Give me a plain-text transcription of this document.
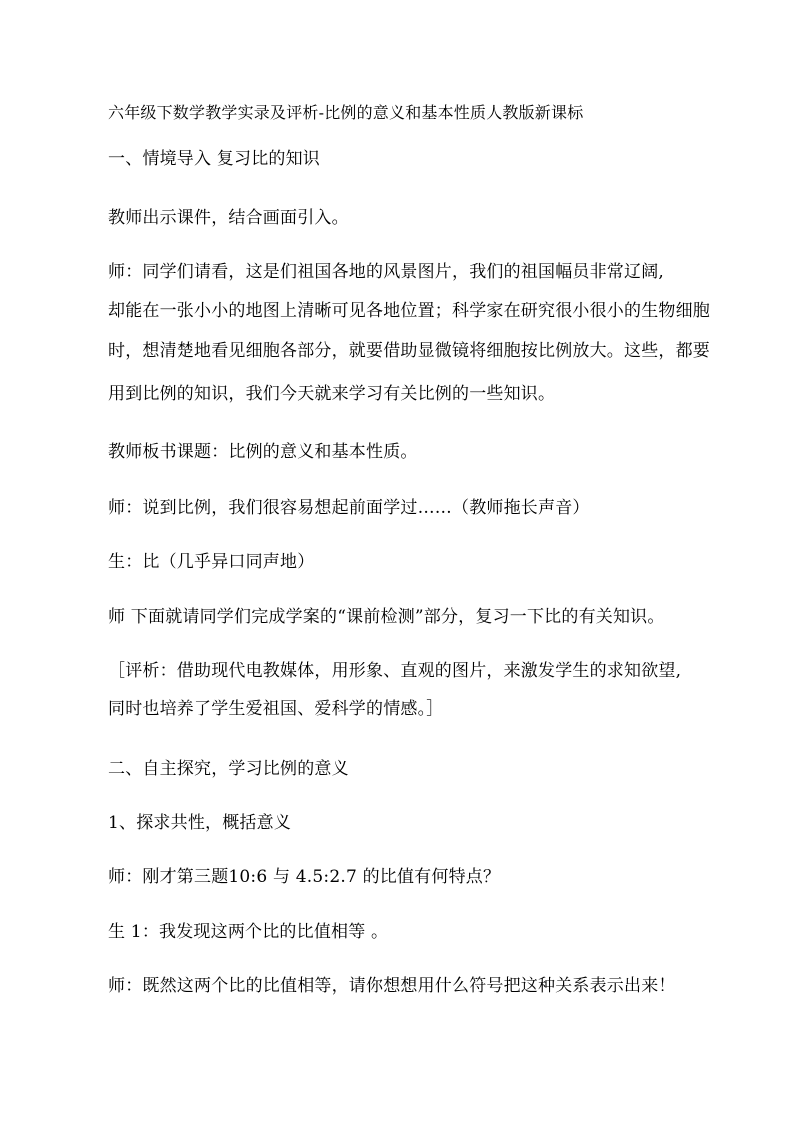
六年级下数学教学实录及评析-比例的意义和基本性质人教版新课标
一、情境导入 复习比的知识
教师出示课件，结合画面引入。
师：同学们请看，这是们祖国各地的风景图片，我们的祖国幅员非常辽阔,
却能在一张小小的地图上清晰可见各地位置；科学家在研究很小很小的生物细胞
时，想清楚地看见细胞各部分，就要借助显微镜将细胞按比例放大。这些，都要
用到比例的知识，我们今天就来学习有关比例的一些知识。
教师板书课题：比例的意义和基本性质。
师：说到比例，我们很容易想起前面学过……（教师拖长声音）
生：比（几乎异口同声地）
师 下面就请同学们完成学案的“课前检测”部分，复习一下比的有关知识。
［评析：借助现代电教媒体，用形象、直观的图片，来激发学生的求知欲望,
同时也培养了学生爱祖国、爱科学的情感。］
二、自主探究，学习比例的意义
1、探求共性，概括意义
师：刚才第三题10:6 与 4.5:2.7 的比值有何特点？
生 1：我发现这两个比的比值相等 。
师：既然这两个比的比值相等，请你想想用什么符号把这种关系表示出来！
